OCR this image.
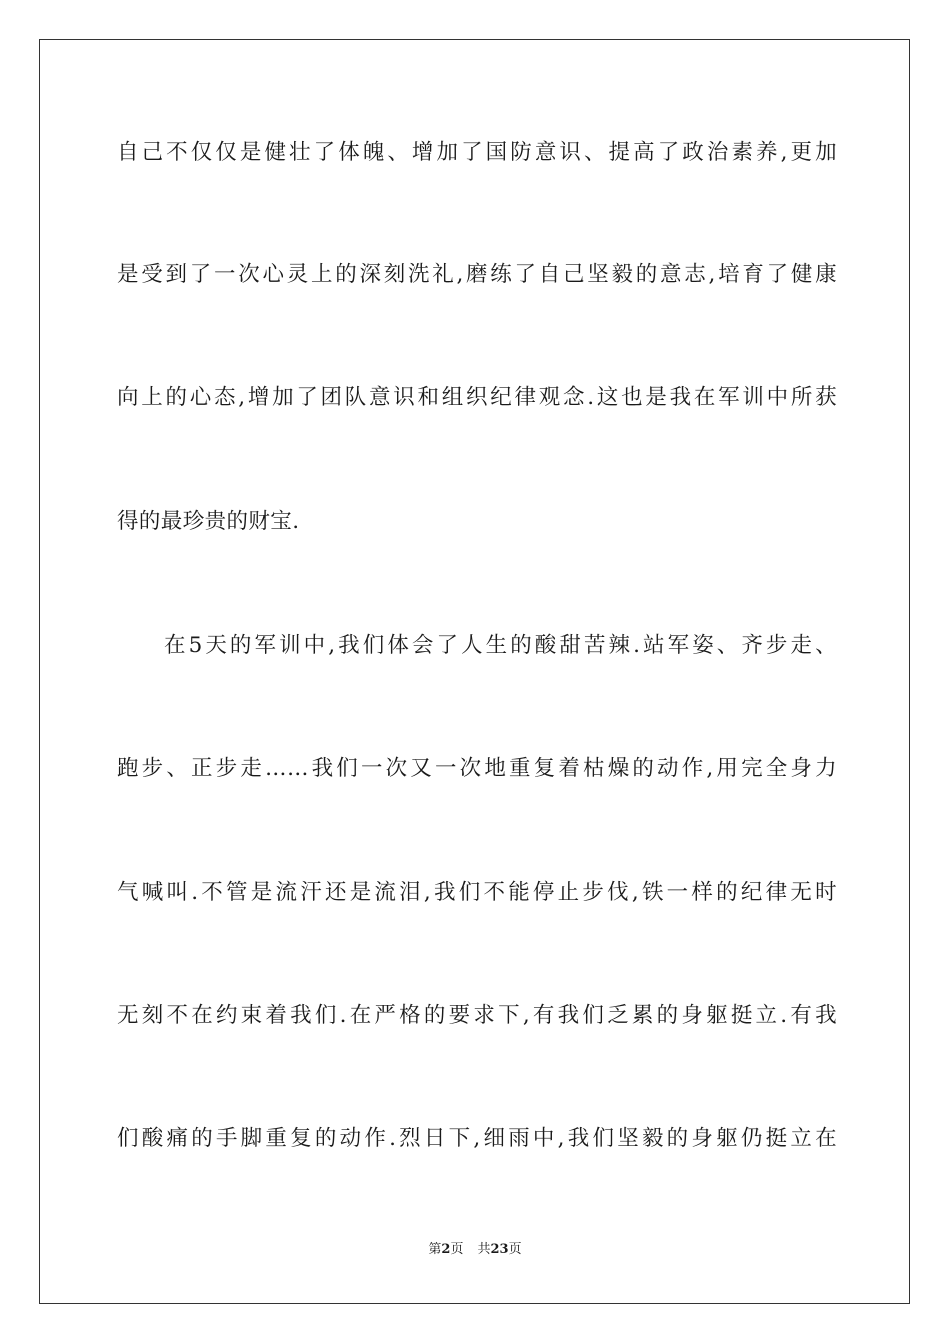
自己不仅仅是健壮了体魄、增加了国防意识、提高了政治素养,更加
是受到了一次心灵上的深刻洗礼,磨练了自己坚毅的意志,培育了健康
向上的心态,增加了团队意识和组织纪律观念.这也是我在军训中所获
得的最珍贵的财宝.
在5天的军训中,我们体会了人生的酸甜苦辣.站军姿、齐步走、
跑步、正步走……我们一次又一次地重复着枯燥的动作,用完全身力
气喊叫.不管是流汗还是流泪,我们不能停止步伐,铁一样的纪律无时
无刻不在约束着我们.在严格的要求下,有我们乏累的身躯挺立.有我
们酸痛的手脚重复的动作.烈日下,细雨中,我们坚毅的身躯仍挺立在
第2页 共23页
